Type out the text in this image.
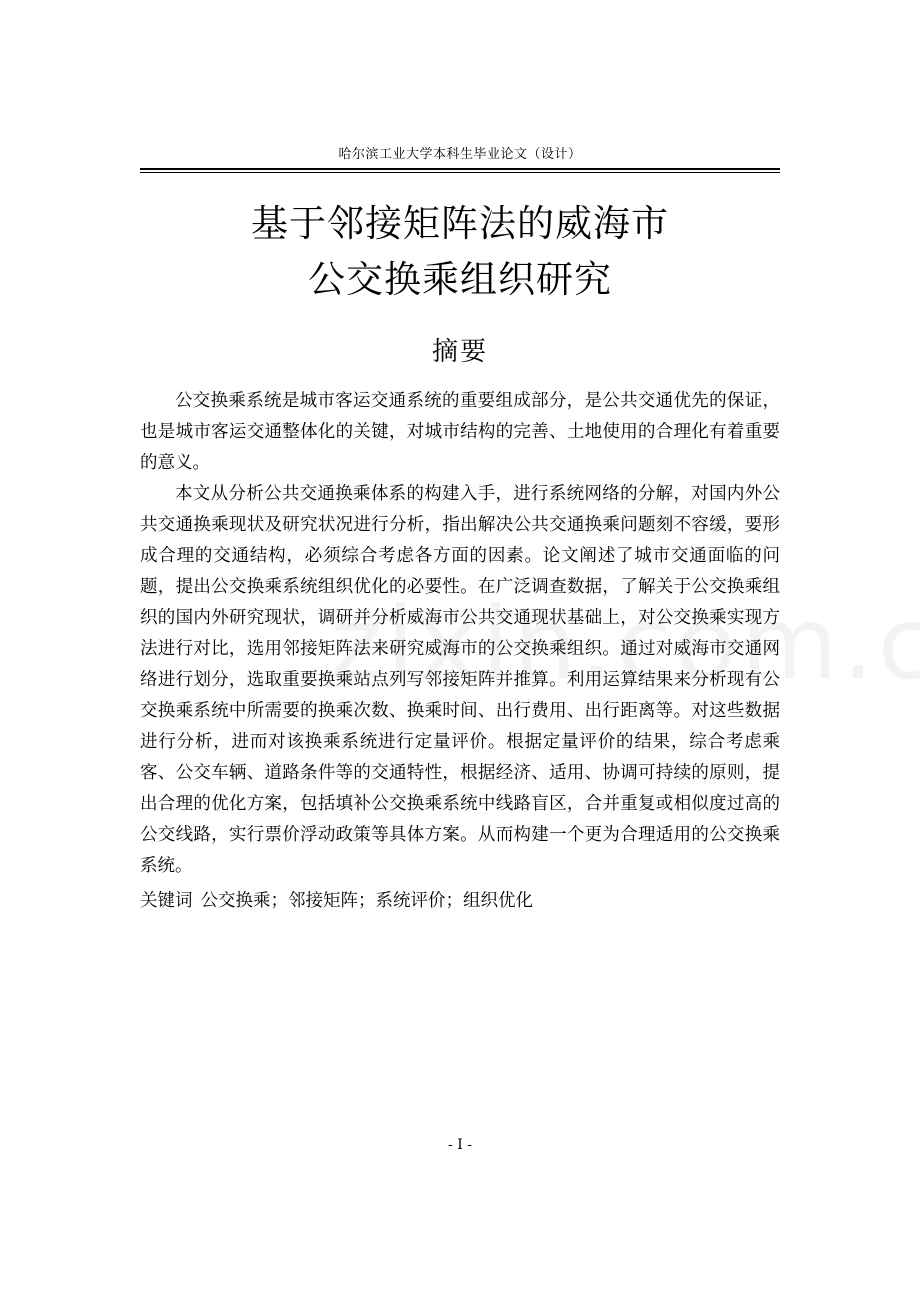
哈尔滨工业大学本科生毕业论文（设计）
基于邻接矩阵法的威海市
公交换乘组织研究
摘要

公交换乘系统是城市客运交通系统的重要组成部分，是公共交通优先的保证，也是城市客运交通整体化的关键，对城市结构的完善、土地使用的合理化有着重要的意义。

本文从分析公共交通换乘体系的构建入手，进行系统网络的分解，对国内外公共交通换乘现状及研究状况进行分析，指出解决公共交通换乘问题刻不容缓，要形成合理的交通结构，必须综合考虑各方面的因素。论文阐述了城市交通面临的问题，提出公交换乘系统组织优化的必要性。在广泛调查数据，了解关于公交换乘组织的国内外研究现状，调研并分析威海市公共交通现状基础上，对公交换乘实现方法进行对比，选用邻接矩阵法来研究威海市的公交换乘组织。通过对威海市交通网络进行划分，选取重要换乘站点列写邻接矩阵并推算。利用运算结果来分析现有公交换乘系统中所需要的换乘次数、换乘时间、出行费用、出行距离等。对这些数据进行分析，进而对该换乘系统进行定量评价。根据定量评价的结果，综合考虑乘客、公交车辆、道路条件等的交通特性，根据经济、适用、协调可持续的原则，提出合理的优化方案，包括填补公交换乘系统中线路盲区，合并重复或相似度过高的公交线路，实行票价浮动政策等具体方案。从而构建一个更为合理适用的公交换乘系统。

关键词 公交换乘；邻接矩阵；系统评价；组织优化
- I -
